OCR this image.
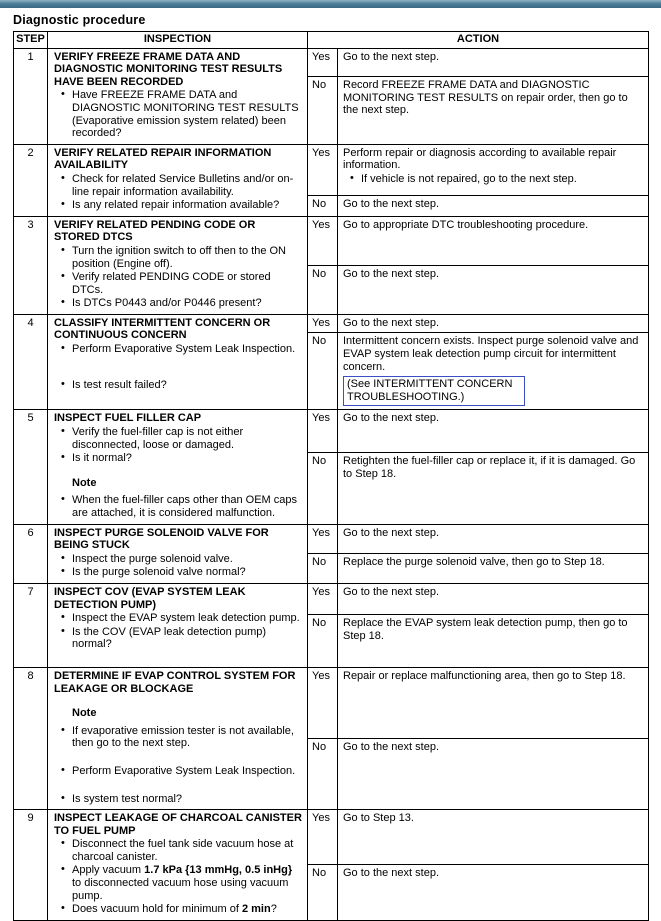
Diagnostic procedure
STEP	INSPECTION	ACTION	
1	VERIFY FREEZE FRAME DATA AND DIAGNOSTIC MONITORING TEST RESULTS HAVE BEEN RECORDED
• Have FREEZE FRAME DATA and DIAGNOSTIC MONITORING TEST RESULTS (Evaporative emission system related) been recorded?	Yes	Go to the next step.
		No	Record FREEZE FRAME DATA and DIAGNOSTIC MONITORING TEST RESULTS on repair order, then go to the next step.
2	VERIFY RELATED REPAIR INFORMATION AVAILABILITY
• Check for related Service Bulletins and/or on-line repair information availability.
• Is any related repair information available?
	Yes	Perform repair or diagnosis according to available repair information.
• If vehicle is not repaired, go to the next step.

		No	Go to the next step.
3	VERIFY RELATED PENDING CODE OR STORED DTCS
• Turn the ignition switch to off then to the ON position (Engine off).
• Verify related PENDING CODE or stored DTCs.
• Is DTCs P0443 and/or P0446 present?	Yes	Go to appropriate DTC troubleshooting procedure.
		No	Go to the next step.
4	CLASSIFY INTERMITTENT CONCERN OR CONTINUOUS CONCERN
• Perform Evaporative System Leak Inspection.
• Is test result failed?	Yes	Go to the next step.
		No	Intermittent concern exists. Inspect purge solenoid valve and EVAP system leak detection pump circuit for intermittent concern.
(See INTERMITTENT CONCERN TROUBLESHOOTING.)
5	INSPECT FUEL FILLER CAP
• Verify the fuel-filler cap is not either disconnected, loose or damaged.
• Is it normal?
Note
• When the fuel-filler caps other than OEM caps are attached, it is considered malfunction.	Yes	Go to the next step.
		No	Retighten the fuel-filler cap or replace it, if it is damaged. Go to Step 18.
6	INSPECT PURGE SOLENOID VALVE FOR BEING STUCK
• Inspect the purge solenoid valve.
• Is the purge solenoid valve normal?	Yes	Go to the next step.
		No	Replace the purge solenoid valve, then go to Step 18.
7	INSPECT COV (EVAP SYSTEM LEAK DETECTION PUMP)
• Inspect the EVAP system leak detection pump.
• Is the COV (EVAP leak detection pump) normal?	Yes	Go to the next step.
		No	Replace the EVAP system leak detection pump, then go to Step 18.
8	DETERMINE IF EVAP CONTROL SYSTEM FOR LEAKAGE OR BLOCKAGE
Note
• If evaporative emission tester is not available, then go to the next step.
• Perform Evaporative System Leak Inspection.
• Is system test normal?	Yes	Repair or replace malfunctioning area, then go to Step 18.
		No	Go to the next step.
9	INSPECT LEAKAGE OF CHARCOAL CANISTER TO FUEL PUMP
• Disconnect the fuel tank side vacuum hose at charcoal canister.
• Apply vacuum 1.7 kPa {13 mmHg, 0.5 inHg} to disconnected vacuum hose using vacuum pump.
• Does vacuum hold for minimum of 2 min?	Yes	Go to Step 13.
		No	Go to the next step.
